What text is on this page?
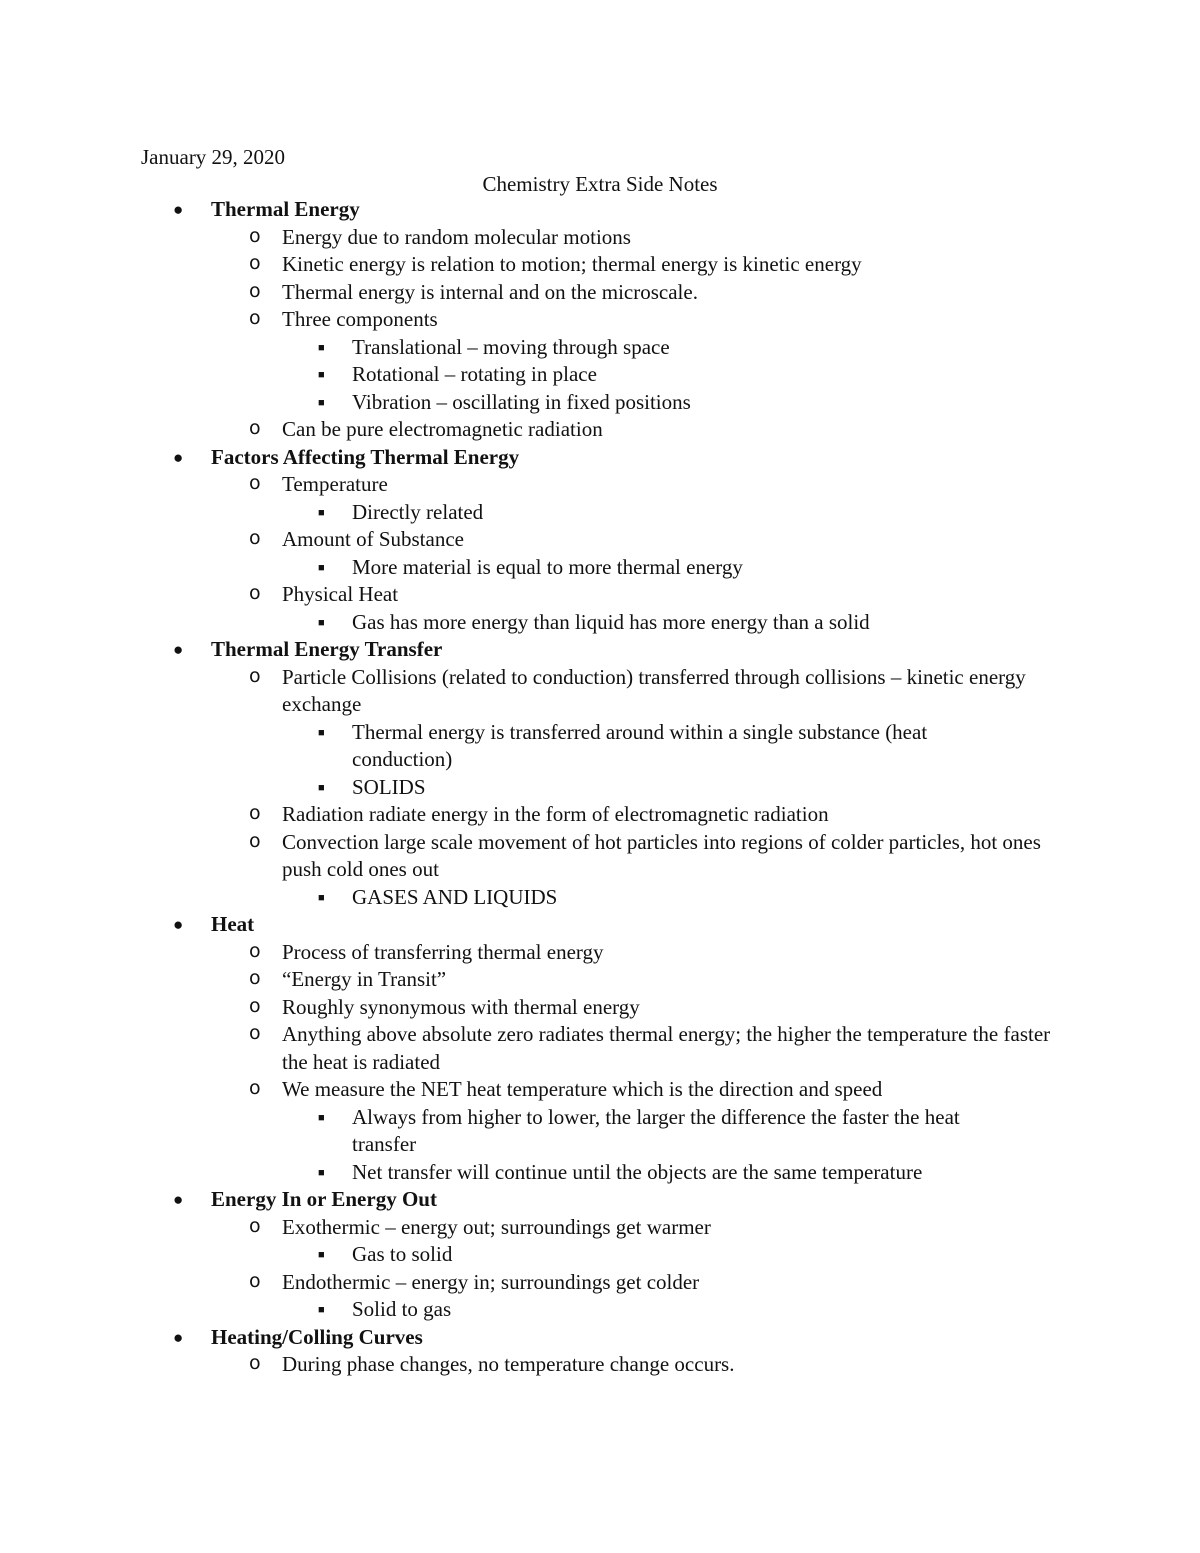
January 29, 2020
Chemistry Extra Side Notes
● Thermal Energy
o Energy due to random molecular motions
o Kinetic energy is relation to motion; thermal energy is kinetic energy
o Thermal energy is internal and on the microscale.
o Three components
■ Translational – moving through space
■ Rotational – rotating in place
■ Vibration – oscillating in fixed positions
o Can be pure electromagnetic radiation
● Factors Affecting Thermal Energy
o Temperature
■ Directly related
o Amount of Substance
■ More material is equal to more thermal energy
o Physical Heat
■ Gas has more energy than liquid has more energy than a solid
● Thermal Energy Transfer
o Particle Collisions (related to conduction) transferred through collisions – kinetic energy exchange
■ Thermal energy is transferred around within a single substance (heat conduction)
■ SOLIDS
o Radiation radiate energy in the form of electromagnetic radiation
o Convection large scale movement of hot particles into regions of colder particles, hot ones push cold ones out
■ GASES AND LIQUIDS
● Heat
o Process of transferring thermal energy
o “Energy in Transit”
o Roughly synonymous with thermal energy
o Anything above absolute zero radiates thermal energy; the higher the temperature the faster the heat is radiated
o We measure the NET heat temperature which is the direction and speed
■ Always from higher to lower, the larger the difference the faster the heat transfer
■ Net transfer will continue until the objects are the same temperature
● Energy In or Energy Out
o Exothermic – energy out; surroundings get warmer
■ Gas to solid
o Endothermic – energy in; surroundings get colder
■ Solid to gas
● Heating/Colling Curves
o During phase changes, no temperature change occurs.
